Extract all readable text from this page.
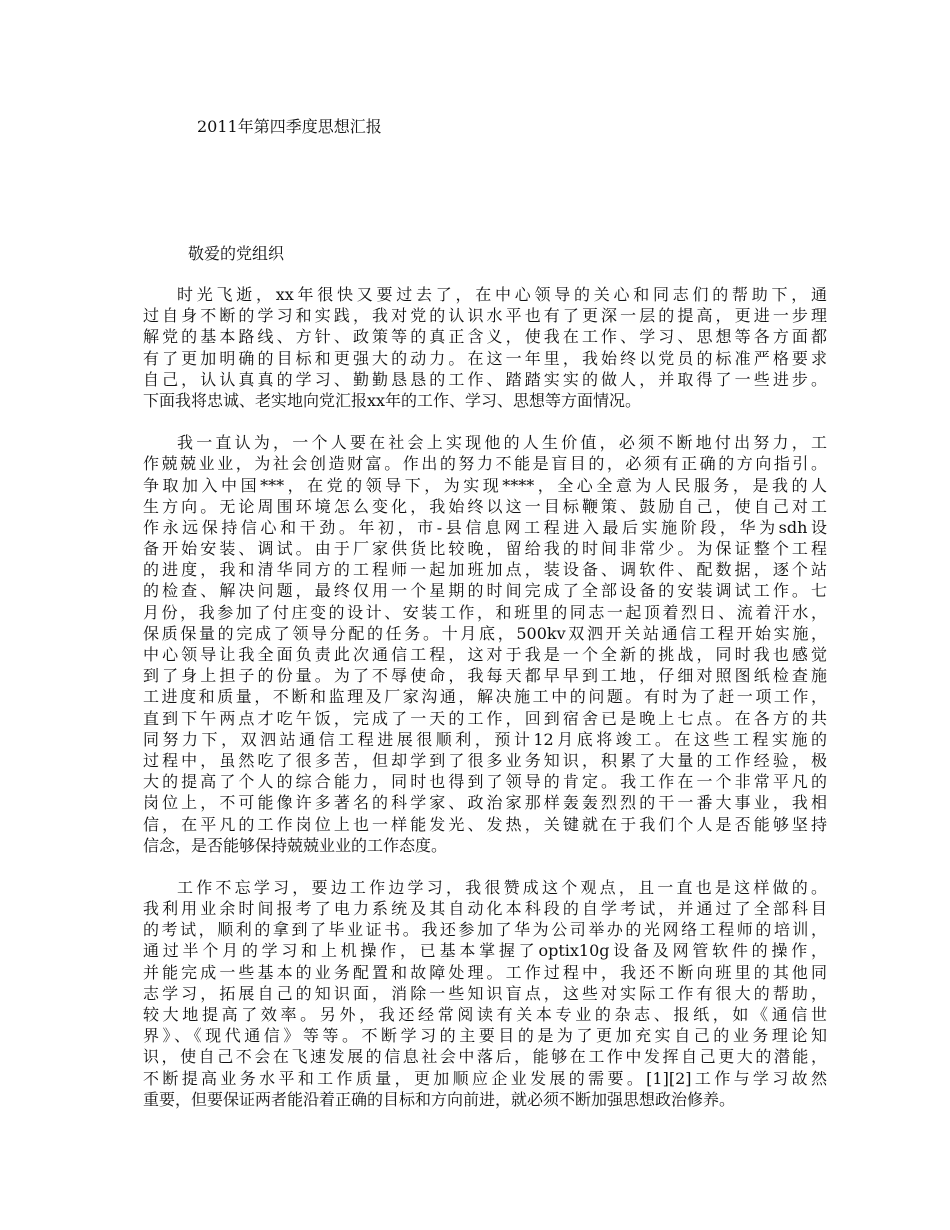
2011年第四季度思想汇报
敬爱的党组织
时光飞逝，xx年很快又要过去了，在中心领导的关心和同志们的帮助下，通
过自身不断的学习和实践，我对党的认识水平也有了更深一层的提高，更进一步理
解党的基本路线、方针、政策等的真正含义，使我在工作、学习、思想等各方面都
有了更加明确的目标和更强大的动力。在这一年里，我始终以党员的标准严格要求
自己，认认真真的学习、勤勤恳恳的工作、踏踏实实的做人，并取得了一些进步。
下面我将忠诚、老实地向党汇报xx年的工作、学习、思想等方面情况。
我一直认为，一个人要在社会上实现他的人生价值，必须不断地付出努力，工
作兢兢业业，为社会创造财富。作出的努力不能是盲目的，必须有正确的方向指引。
争取加入中国***，在党的领导下，为实现****，全心全意为人民服务，是我的人
生方向。无论周围环境怎么变化，我始终以这一目标鞭策、鼓励自己，使自己对工
作永远保持信心和干劲。年初，市-县信息网工程进入最后实施阶段，华为sdh设
备开始安装、调试。由于厂家供货比较晚，留给我的时间非常少。为保证整个工程
的进度，我和清华同方的工程师一起加班加点，装设备、调软件、配数据，逐个站
的检查、解决问题，最终仅用一个星期的时间完成了全部设备的安装调试工作。七
月份，我参加了付庄变的设计、安装工作，和班里的同志一起顶着烈日、流着汗水，
保质保量的完成了领导分配的任务。十月底，500kv双泗开关站通信工程开始实施，
中心领导让我全面负责此次通信工程，这对于我是一个全新的挑战，同时我也感觉
到了身上担子的份量。为了不辱使命，我每天都早早到工地，仔细对照图纸检查施
工进度和质量，不断和监理及厂家沟通，解决施工中的问题。有时为了赶一项工作，
直到下午两点才吃午饭，完成了一天的工作，回到宿舍已是晚上七点。在各方的共
同努力下，双泗站通信工程进展很顺利，预计12月底将竣工。在这些工程实施的
过程中，虽然吃了很多苦，但却学到了很多业务知识，积累了大量的工作经验，极
大的提高了个人的综合能力，同时也得到了领导的肯定。我工作在一个非常平凡的
岗位上，不可能像许多著名的科学家、政治家那样轰轰烈烈的干一番大事业，我相
信，在平凡的工作岗位上也一样能发光、发热，关键就在于我们个人是否能够坚持
信念，是否能够保持兢兢业业的工作态度。
工作不忘学习，要边工作边学习，我很赞成这个观点，且一直也是这样做的。
我利用业余时间报考了电力系统及其自动化本科段的自学考试，并通过了全部科目
的考试，顺利的拿到了毕业证书。我还参加了华为公司举办的光网络工程师的培训，
通过半个月的学习和上机操作，已基本掌握了optix10g设备及网管软件的操作，
并能完成一些基本的业务配置和故障处理。工作过程中，我还不断向班里的其他同
志学习，拓展自己的知识面，消除一些知识盲点，这些对实际工作有很大的帮助，
较大地提高了效率。另外，我还经常阅读有关本专业的杂志、报纸，如《通信世
界》、《现代通信》等等。不断学习的主要目的是为了更加充实自己的业务理论知
识，使自己不会在飞速发展的信息社会中落后，能够在工作中发挥自己更大的潜能，
不断提高业务水平和工作质量，更加顺应企业发展的需要。[1][2]工作与学习故然
重要，但要保证两者能沿着正确的目标和方向前进，就必须不断加强思想政治修养。
